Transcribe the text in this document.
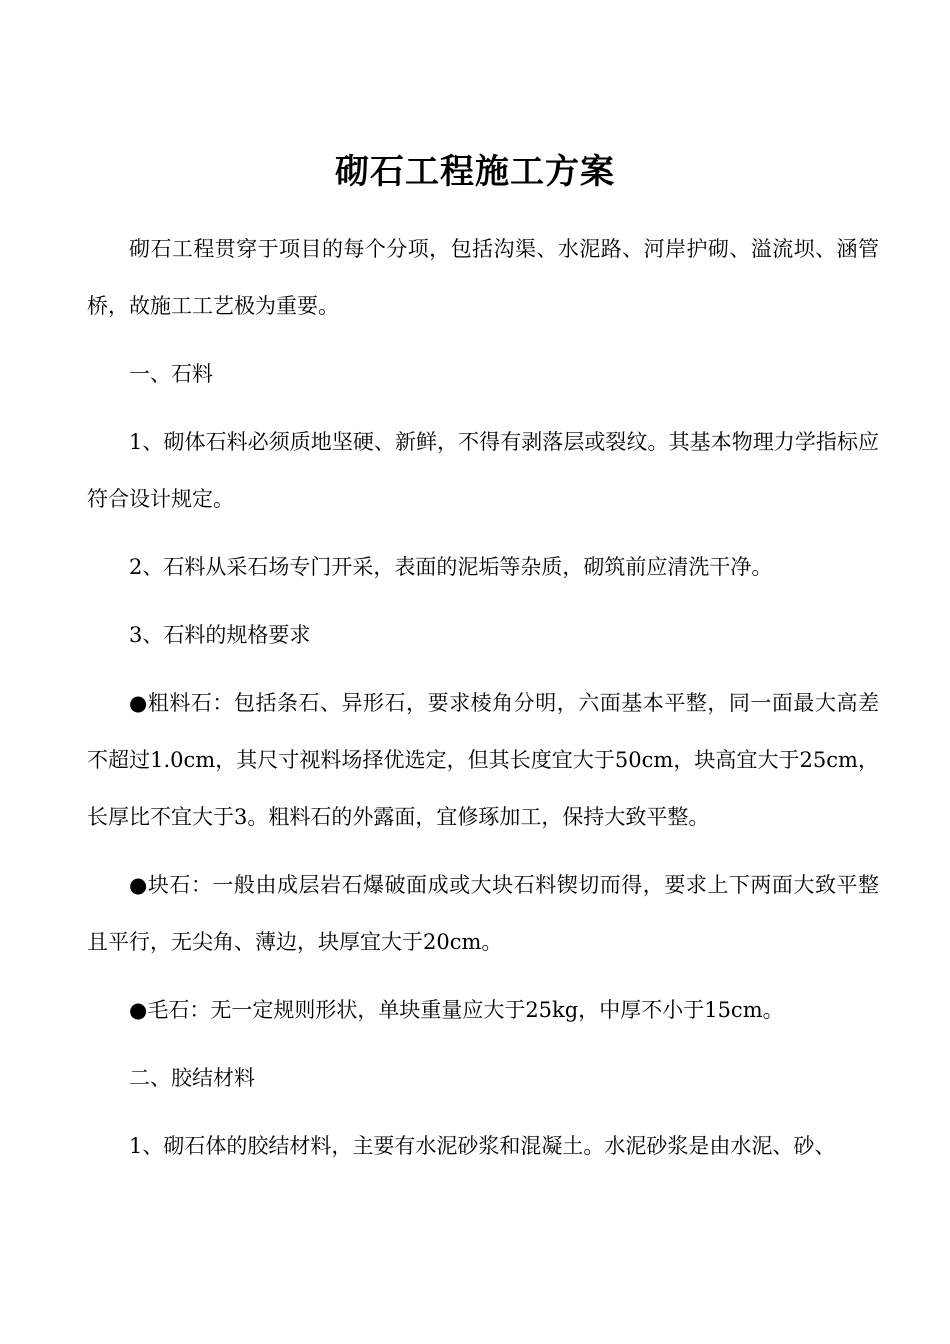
砌石工程施工方案

砌石工程贯穿于项目的每个分项，包括沟渠、水泥路、河岸护砌、溢流坝、涵管桥，故施工工艺极为重要。

一、石料

1、砌体石料必须质地坚硬、新鲜，不得有剥落层或裂纹。其基本物理力学指标应符合设计规定。

2、石料从采石场专门开采，表面的泥垢等杂质，砌筑前应清洗干净。

3、石料的规格要求

●粗料石：包括条石、异形石，要求棱角分明，六面基本平整，同一面最大高差不超过1.0cm，其尺寸视料场择优选定，但其长度宜大于50cm，块高宜大于25cm，长厚比不宜大于3。粗料石的外露面，宜修琢加工，保持大致平整。

●块石：一般由成层岩石爆破面成或大块石料锲切而得，要求上下两面大致平整且平行，无尖角、薄边，块厚宜大于20cm。

●毛石：无一定规则形状，单块重量应大于25kg，中厚不小于15cm。

二、胶结材料

1、砌石体的胶结材料，主要有水泥砂浆和混凝土。水泥砂浆是由水泥、砂、
